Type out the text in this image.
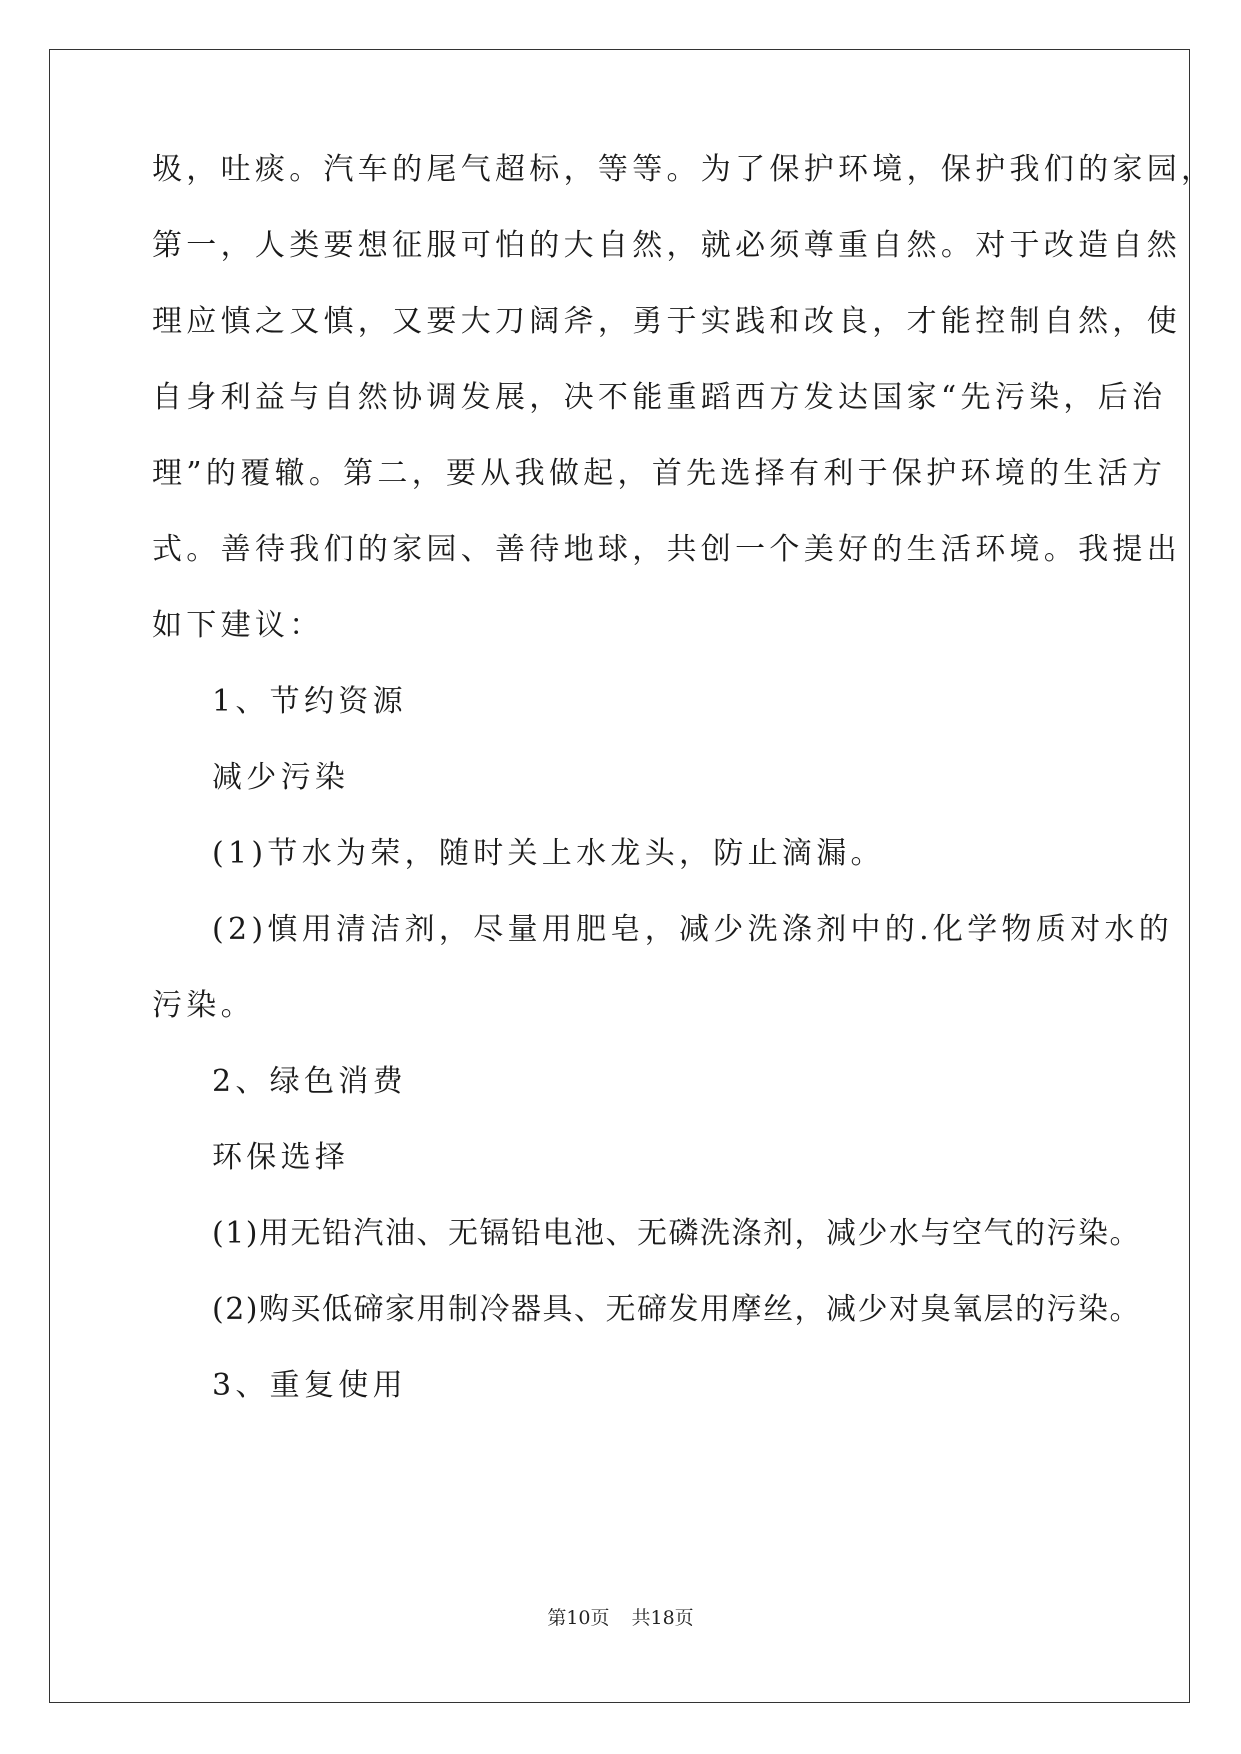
圾，吐痰。汽车的尾气超标，等等。为了保护环境，保护我们的家园，

第一，人类要想征服可怕的大自然，就必须尊重自然。对于改造自然

理应慎之又慎，又要大刀阔斧，勇于实践和改良，才能控制自然，使

自身利益与自然协调发展，决不能重蹈西方发达国家“先污染，后治

理”的覆辙。第二，要从我做起，首先选择有利于保护环境的生活方

式。善待我们的家园、善待地球，共创一个美好的生活环境。我提出

如下建议：

1、节约资源

减少污染

(1)节水为荣，随时关上水龙头，防止滴漏。

(2)慎用清洁剂，尽量用肥皂，减少洗涤剂中的.化学物质对水的

污染。

2、绿色消费

环保选择

(1)用无铅汽油、无镉铅电池、无磷洗涤剂，减少水与空气的污染。

(2)购买低碲家用制冷器具、无碲发用摩丝，减少对臭氧层的污染。

3、重复使用

第10页 共18页
